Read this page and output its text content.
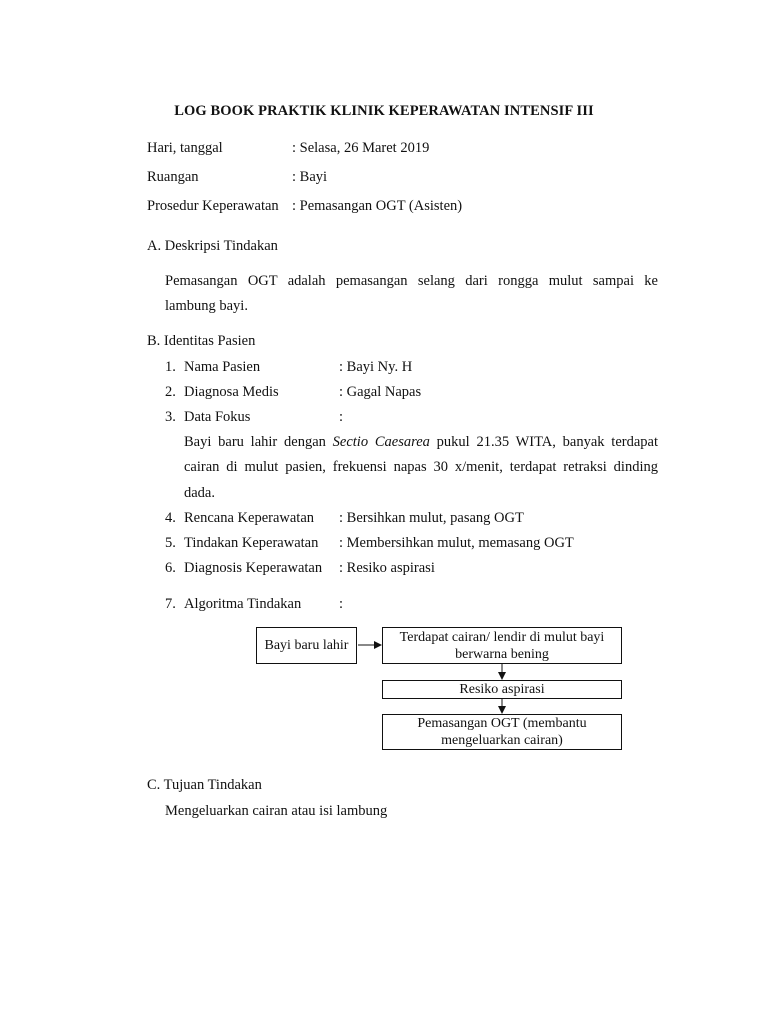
LOG BOOK PRAKTIK KLINIK KEPERAWATAN INTENSIF III
Hari, tanggal	: Selasa, 26 Maret 2019
Ruangan	: Bayi
Prosedur Keperawatan : Pemasangan OGT (Asisten)
A. Deskripsi Tindakan
Pemasangan OGT adalah pemasangan selang dari rongga mulut sampai ke
lambung bayi.
B. Identitas Pasien
1. Nama Pasien	: Bayi Ny. H
2. Diagnosa Medis	: Gagal Napas
3. Data Fokus	:
Bayi baru lahir dengan Sectio Caesarea pukul 21.35 WITA, banyak terdapat
cairan di mulut pasien, frekuensi napas 30 x/menit, terdapat retraksi dinding
dada.
4. Rencana Keperawatan : Bersihkan mulut, pasang OGT
5. Tindakan Keperawatan : Membersihkan mulut, memasang OGT
6. Diagnosis Keperawatan : Resiko aspirasi
7. Algoritma Tindakan	:
Bayi baru lahir
Terdapat cairan/ lendir di mulut bayi berwarna bening
Resiko aspirasi
Pemasangan OGT (membantu mengeluarkan cairan)
C. Tujuan Tindakan
Mengeluarkan cairan atau isi lambung
